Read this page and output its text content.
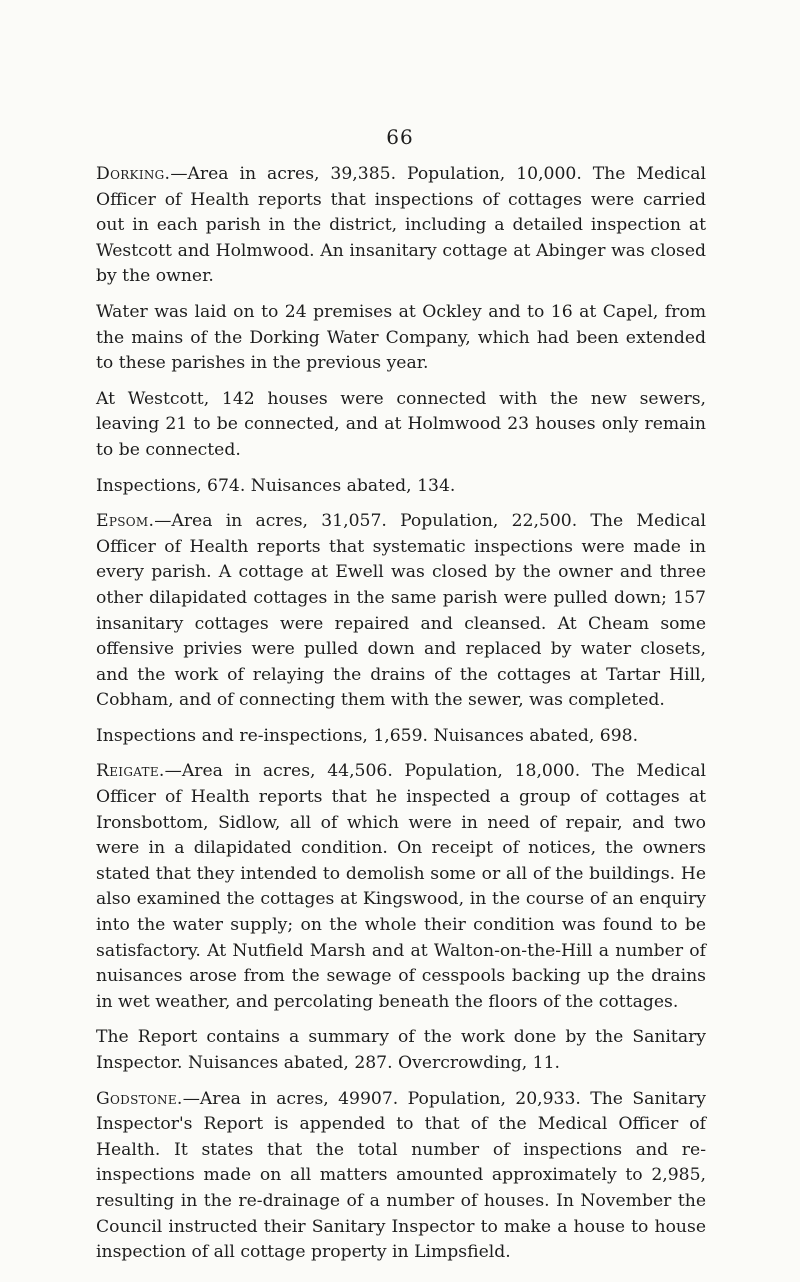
66

Dorking.—Area in acres, 39,385. Population, 10,000. The Medical Officer of Health reports that inspections of cottages were carried out in each parish in the district, including a detailed inspection at Westcott and Holmwood. An insanitary cottage at Abinger was closed by the owner.

Water was laid on to 24 premises at Ockley and to 16 at Capel, from the mains of the Dorking Water Company, which had been extended to these parishes in the previous year.

At Westcott, 142 houses were connected with the new sewers, leaving 21 to be connected, and at Holmwood 23 houses only remain to be connected.

Inspections, 674. Nuisances abated, 134.

Epsom.—Area in acres, 31,057. Population, 22,500. The Medical Officer of Health reports that systematic inspections were made in every parish. A cottage at Ewell was closed by the owner and three other dilapidated cottages in the same parish were pulled down; 157 insanitary cottages were repaired and cleansed. At Cheam some offensive privies were pulled down and replaced by water closets, and the work of relaying the drains of the cottages at Tartar Hill, Cobham, and of connecting them with the sewer, was completed.

Inspections and re-inspections, 1,659. Nuisances abated, 698.

Reigate.—Area in acres, 44,506. Population, 18,000. The Medical Officer of Health reports that he inspected a group of cottages at Ironsbottom, Sidlow, all of which were in need of repair, and two were in a dilapidated condition. On receipt of notices, the owners stated that they intended to demolish some or all of the buildings. He also examined the cottages at Kingswood, in the course of an enquiry into the water supply; on the whole their condition was found to be satisfactory. At Nutfield Marsh and at Walton-on-the-Hill a number of nuisances arose from the sewage of cesspools backing up the drains in wet weather, and percolating beneath the floors of the cottages.

The Report contains a summary of the work done by the Sanitary Inspector. Nuisances abated, 287. Overcrowding, 11.

Godstone.—Area in acres, 49907. Population, 20,933. The Sanitary Inspector's Report is appended to that of the Medical Officer of Health. It states that the total number of inspections and re-inspections made on all matters amounted approximately to 2,985, resulting in the re-drainage of a number of houses. In November the Council instructed their Sanitary Inspector to make a house to house inspection of all cottage property in Limpsfield.
